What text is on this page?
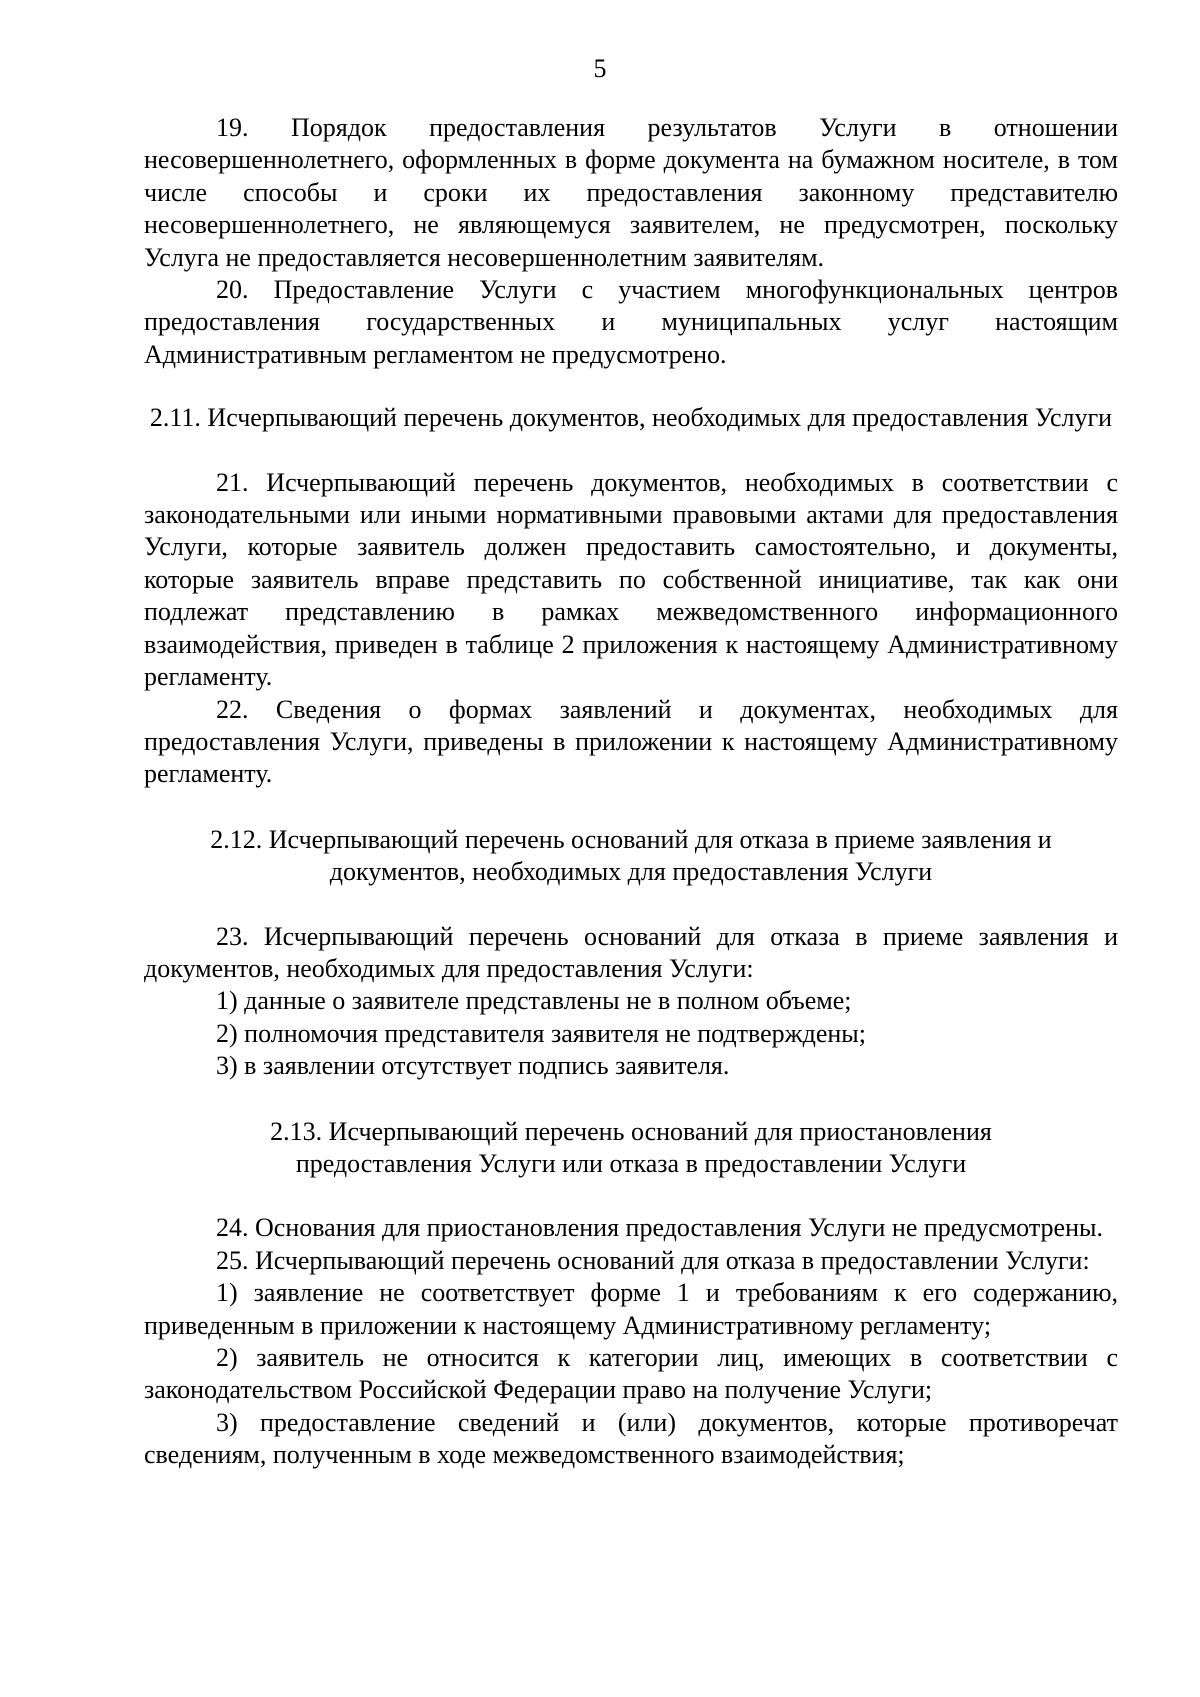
5

19. Порядок предоставления результатов Услуги в отношении несовершеннолетнего, оформленных в форме документа на бумажном носителе, в том числе способы и сроки их предоставления законному представителю несовершеннолетнего, не являющемуся заявителем, не предусмотрен, поскольку Услуга не предоставляется несовершеннолетним заявителям.

20. Предоставление Услуги с участием многофункциональных центров предоставления государственных и муниципальных услуг настоящим Административным регламентом не предусмотрено.

2.11. Исчерпывающий перечень документов, необходимых для предоставления Услуги

21. Исчерпывающий перечень документов, необходимых в соответствии с законодательными или иными нормативными правовыми актами для предоставления Услуги, которые заявитель должен предоставить самостоятельно, и документы, которые заявитель вправе представить по собственной инициативе, так как они подлежат представлению в рамках межведомственного информационного взаимодействия, приведен в таблице 2 приложения к настоящему Административному регламенту.

22. Сведения о формах заявлений и документах, необходимых для предоставления Услуги, приведены в приложении к настоящему Административному регламенту.

2.12. Исчерпывающий перечень оснований для отказа в приеме заявления и документов, необходимых для предоставления Услуги

23. Исчерпывающий перечень оснований для отказа в приеме заявления и документов, необходимых для предоставления Услуги:

1) данные о заявителе представлены не в полном объеме;

2) полномочия представителя заявителя не подтверждены;

3) в заявлении отсутствует подпись заявителя.

2.13. Исчерпывающий перечень оснований для приостановления предоставления Услуги или отказа в предоставлении Услуги

24. Основания для приостановления предоставления Услуги не предусмотрены.

25. Исчерпывающий перечень оснований для отказа в предоставлении Услуги:

1) заявление не соответствует форме 1 и требованиям к его содержанию, приведенным в приложении к настоящему Административному регламенту;

2) заявитель не относится к категории лиц, имеющих в соответствии с законодательством Российской Федерации право на получение Услуги;

3) предоставление сведений и (или) документов, которые противоречат сведениям, полученным в ходе межведомственного взаимодействия;
